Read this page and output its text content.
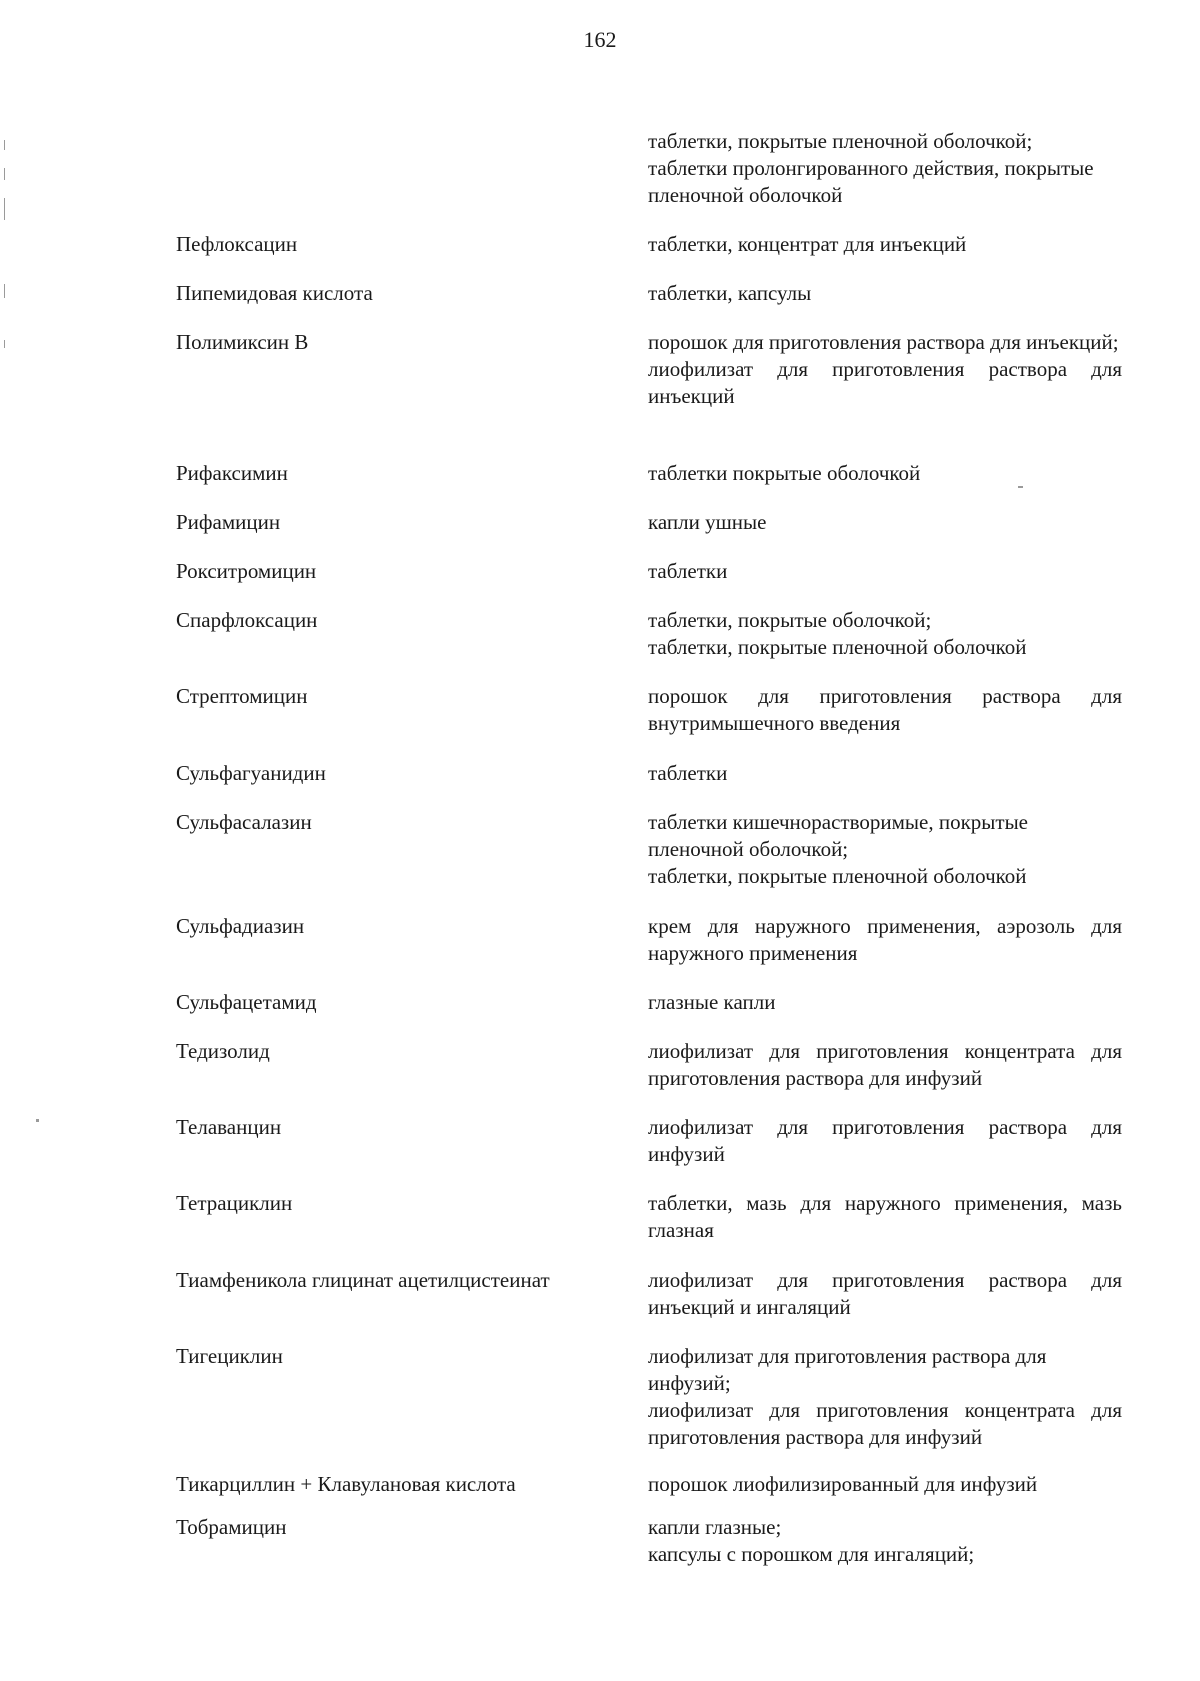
162
таблетки, покрытые пленочной оболочкой;
таблетки пролонгированного действия, покрытые пленочной оболочкой
Пефлоксацин	таблетки, концентрат для инъекций
Пипемидовая кислота	таблетки, капсулы
Полимиксин В	порошок для приготовления раствора для инъекций;
лиофилизат для приготовления раствора для инъекций
Рифаксимин	таблетки покрытые оболочкой
Рифамицин	капли ушные
Рокситромицин	таблетки
Спарфлоксацин	таблетки, покрытые оболочкой;
таблетки, покрытые пленочной оболочкой
Стрептомицин	порошок для приготовления раствора для внутримышечного введения
Сульфагуанидин	таблетки
Сульфасалазин	таблетки кишечнорастворимые, покрытые пленочной оболочкой;
таблетки, покрытые пленочной оболочкой
Сульфадиазин	крем для наружного применения, аэрозоль для наружного применения
Сульфацетамид	глазные капли
Тедизолид	лиофилизат для приготовления концентрата для приготовления раствора для инфузий
Телаванцин	лиофилизат для приготовления раствора для инфузий
Тетрациклин	таблетки, мазь для наружного применения, мазь глазная
Тиамфеникола глицинат ацетилцистеинат	лиофилизат для приготовления раствора для инъекций и ингаляций
Тигециклин	лиофилизат для приготовления раствора для инфузий;
лиофилизат для приготовления концентрата для приготовления раствора для инфузий
Тикарциллин + Клавулановая кислота	порошок лиофилизированный для инфузий
Тобрамицин	капли глазные;
капсулы с порошком для ингаляций;
